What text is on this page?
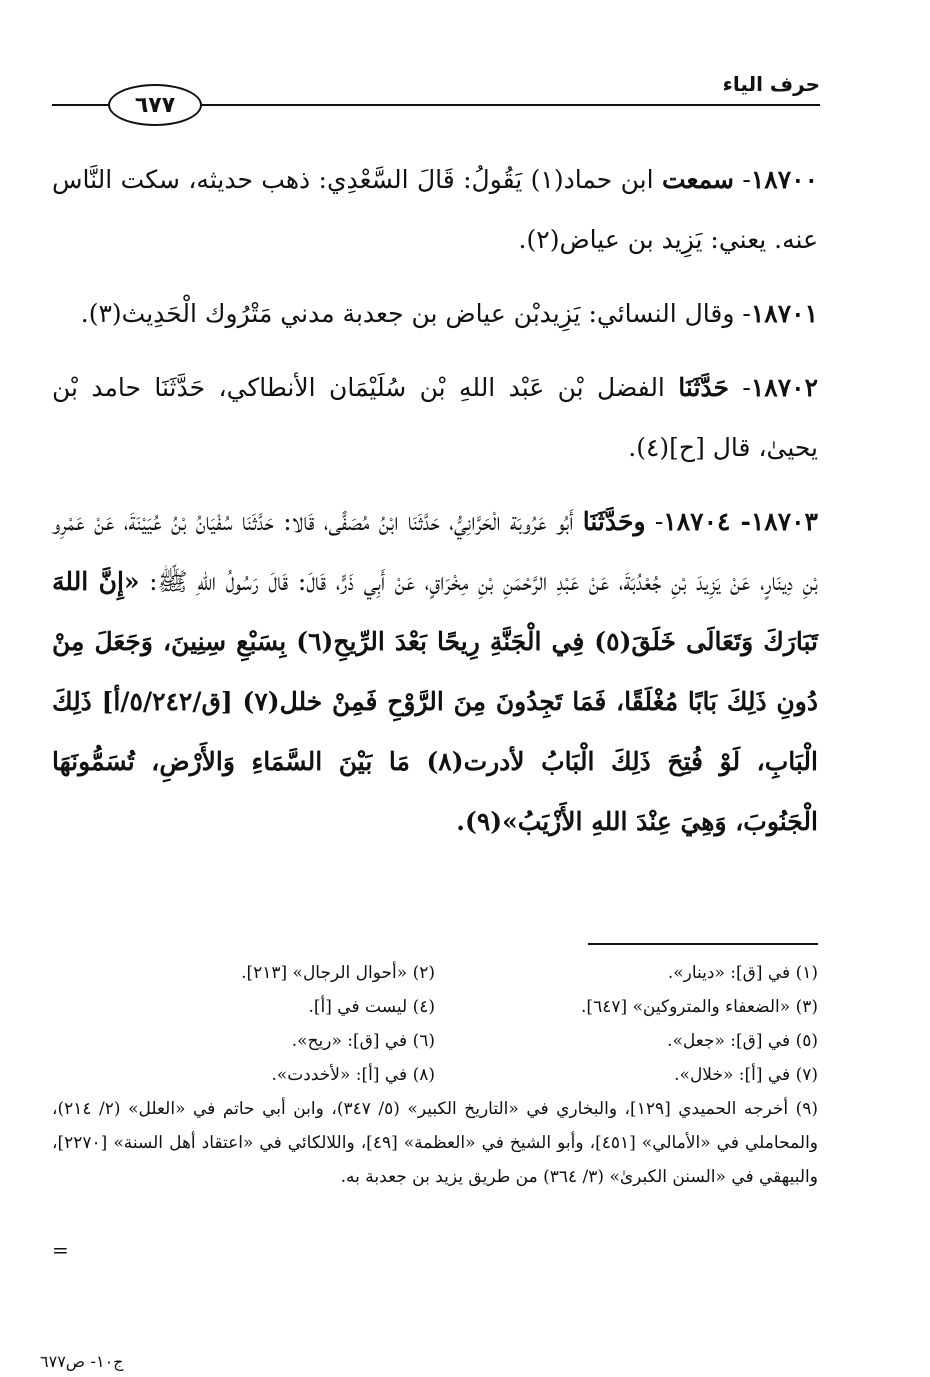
حرف الياء
٦٧٧

١٨٧٠٠- سمعت ابن حماد(١) يَقُولُ: قَالَ السَّعْدِي: ذهب حديثه، سكت النَّاس عنه. يعني: يَزِيد بن عياض(٢).

١٨٧٠١- وقال النسائي: يَزِيدبْن عياض بن جعدبة مدني مَتْرُوك الْحَدِيث(٣).

١٨٧٠٢- حَدَّثَنَا الفضل بْن عَبْد اللهِ بْن سُلَيْمَان الأنطاكي، حَدَّثَنَا حامد بْن يحيىٰ، قال [ح](٤).

١٨٧٠٣- ١٨٧٠٤- وحَدَّثَنَا أَبُو عَرُوبَة الْحَرَّانِيُّ، حَدَّثَنَا ابْنُ مُصَفًّى، قَالا: حَدَّثَنَا سُفْيَانُ بْنُ عُيَيْنَةَ، عَنْ عَمْرِو بْنِ دِينَارٍ، عَنْ يَزِيدَ بْنِ جُعْدُبَةَ، عَنْ عَبْدِ الرَّحْمَنِ بْنِ مِخْرَاقٍ، عَنْ أَبِي ذَرٍّ، قَالَ: قَالَ رَسُولُ اللهِ ﷺ: «إِنَّ اللهَ تَبَارَكَ وَتَعَالَى خَلَقَ(٥) فِي الْجَنَّةِ رِيحًا بَعْدَ الرِّيحِ(٦) بِسَبْعِ سِنِينَ، وَجَعَلَ مِنْ دُونِ ذَلِكَ بَابًا مُغْلَقًا، فَمَا تَجِدُونَ مِنَ الرَّوْحِ فَمِنْ خلل(٧) [ق/٥/٢٤٢/أ] ذَلِكَ الْبَابِ، لَوْ فُتِحَ ذَلِكَ الْبَابُ لأدرت(٨) مَا بَيْنَ السَّمَاءِ وَالأَرْضِ، تُسَمُّونَهَا الْجَنُوبَ، وَهِيَ عِنْدَ اللهِ الأَزْيَبُ»(٩).

(١) في [ق]: «دينار».
(٢) «أحوال الرجال» [٢١٣].
(٣) «الضعفاء والمتروكين» [٦٤٧].
(٤) ليست في [أ].
(٥) في [ق]: «جعل».
(٦) في [ق]: «ريح».
(٧) في [أ]: «خلال».
(٨) في [أ]: «لأخددت».
(٩) أخرجه الحميدي [١٢٩]، والبخاري في «التاريخ الكبير» (٥/ ٣٤٧)، وابن أبي حاتم في «العلل» (٢/ ٢١٤)، والمحاملي في «الأمالي» [٤٥١]، وأبو الشيخ في «العظمة» [٤٩]، واللالكائي في «اعتقاد أهل السنة» [٢٢٧٠]، والبيهقي في «السنن الكبرىٰ» (٣/ ٣٦٤) من طريق يزيد بن جعدبة به.
=
ج١٠- ص٦٧٧
